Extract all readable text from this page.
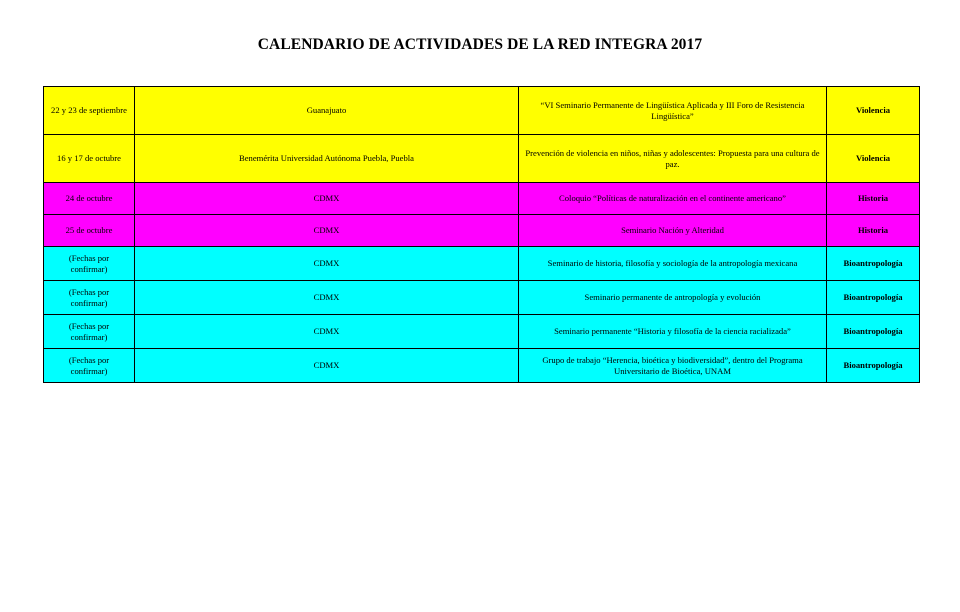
CALENDARIO DE ACTIVIDADES DE LA RED INTEGRA 2017
22 y 23 de septiembre	Guanajuato	“VI Seminario Permanente de Lingüística Aplicada y III Foro de Resistencia Lingüística”	Violencia
16 y 17 de octubre	Benemérita Universidad Autónoma Puebla, Puebla	Prevención de violencia en niños, niñas y adolescentes: Propuesta para una cultura de paz.	Violencia
24 de octubre	CDMX	Coloquio “Políticas de naturalización en el continente americano”	Historia
25 de octubre	CDMX	Seminario Nación y Alteridad	Historia
(Fechas por confirmar)	CDMX	Seminario de historia, filosofía y sociología de la antropología mexicana	Bioantropología
(Fechas por confirmar)	CDMX	Seminario permanente de antropología y evolución	Bioantropología
(Fechas por confirmar)	CDMX	Seminario permanente “Historia y filosofía de la ciencia racializada”	Bioantropología
(Fechas por confirmar)	CDMX	Grupo de trabajo “Herencia, bioética y biodiversidad”, dentro del Programa Universitario de Bioética, UNAM	Bioantropología
